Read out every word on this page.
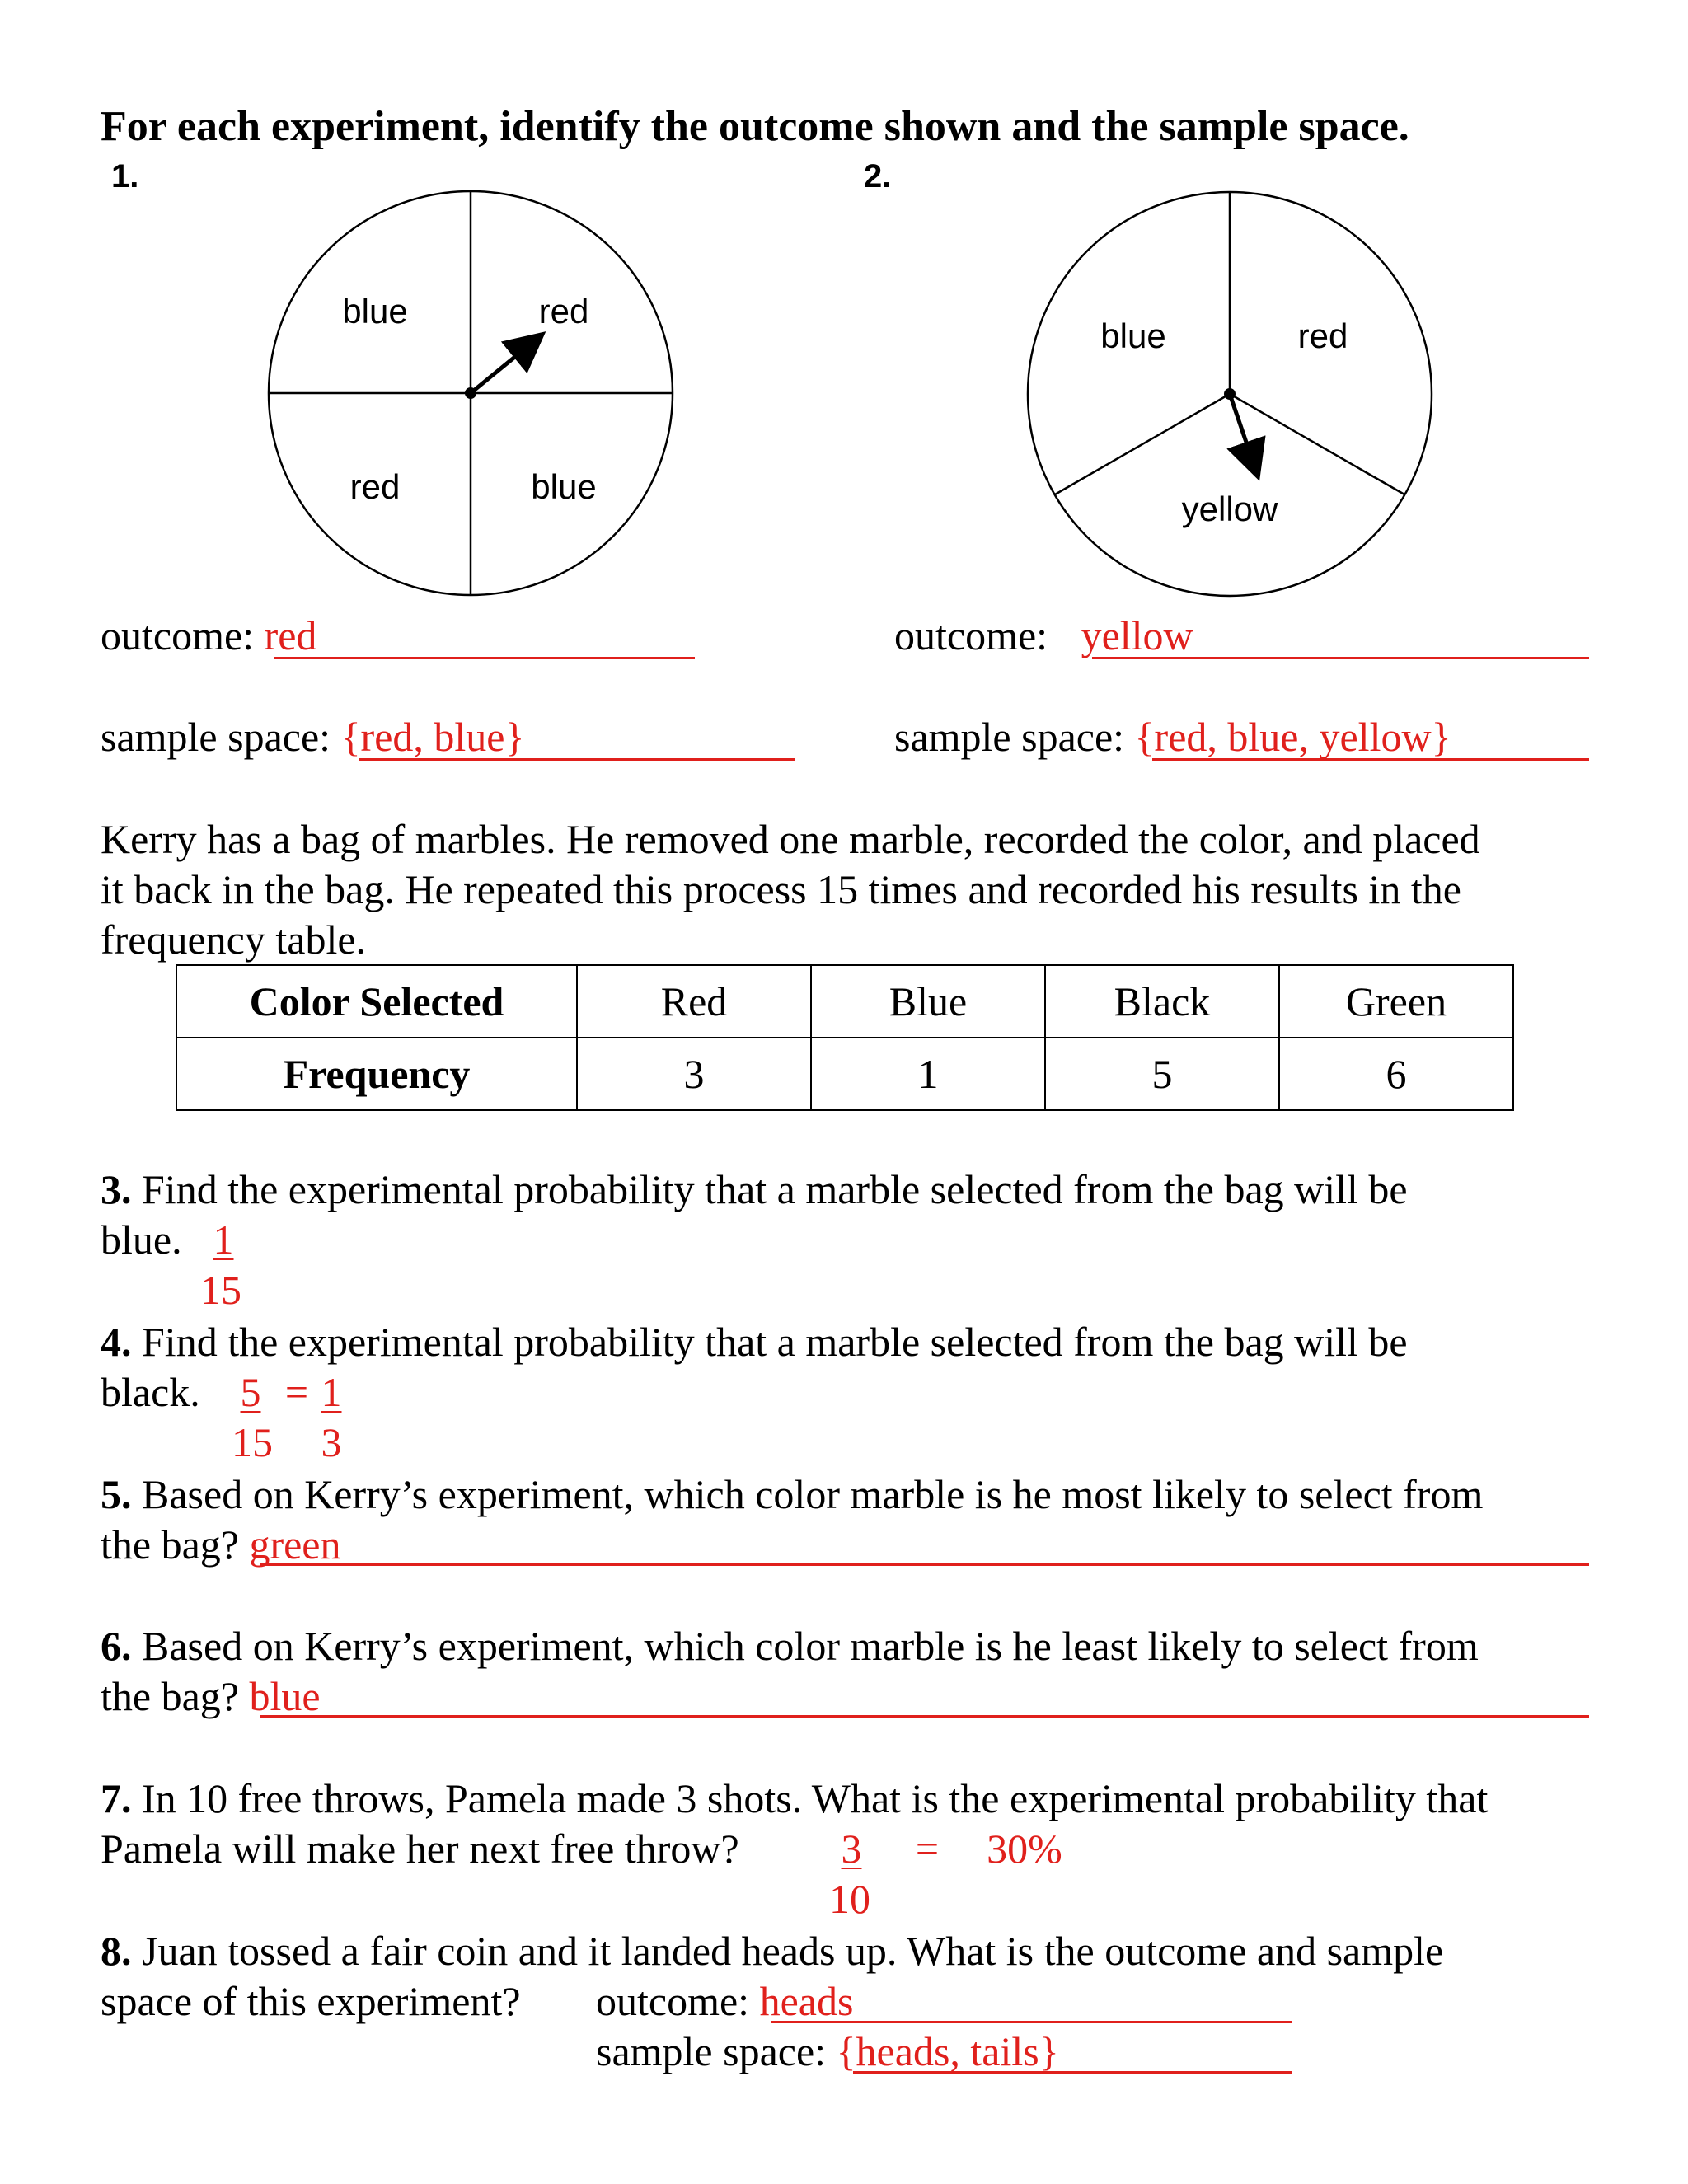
For each experiment, identify the outcome shown and the sample space.
1.	2.
blue	red
red	blue
blue	red
yellow
outcome: red
sample space: {red, blue}
outcome: yellow
sample space: {red, blue, yellow}
Kerry has a bag of marbles. He removed one marble, recorded the color, and placed
it back in the bag. He repeated this process 15 times and recorded his results in the
frequency table.
Color Selected	Red	Blue	Black	Green
Frequency	3	1	5	6
3. Find the experimental probability that a marble selected from the bag will be
blue. 1
15
4. Find the experimental probability that a marble selected from the bag will be
black. 5 = 1
15 3
5. Based on Kerry’s experiment, which color marble is he most likely to select from
the bag? green
6. Based on Kerry’s experiment, which color marble is he least likely to select from
the bag? blue
7. In 10 free throws, Pamela made 3 shots. What is the experimental probability that
Pamela will make her next free throw?	3	= 30%
10
8. Juan tossed a fair coin and it landed heads up. What is the outcome and sample
space of this experiment? outcome: heads
sample space: {heads, tails}
